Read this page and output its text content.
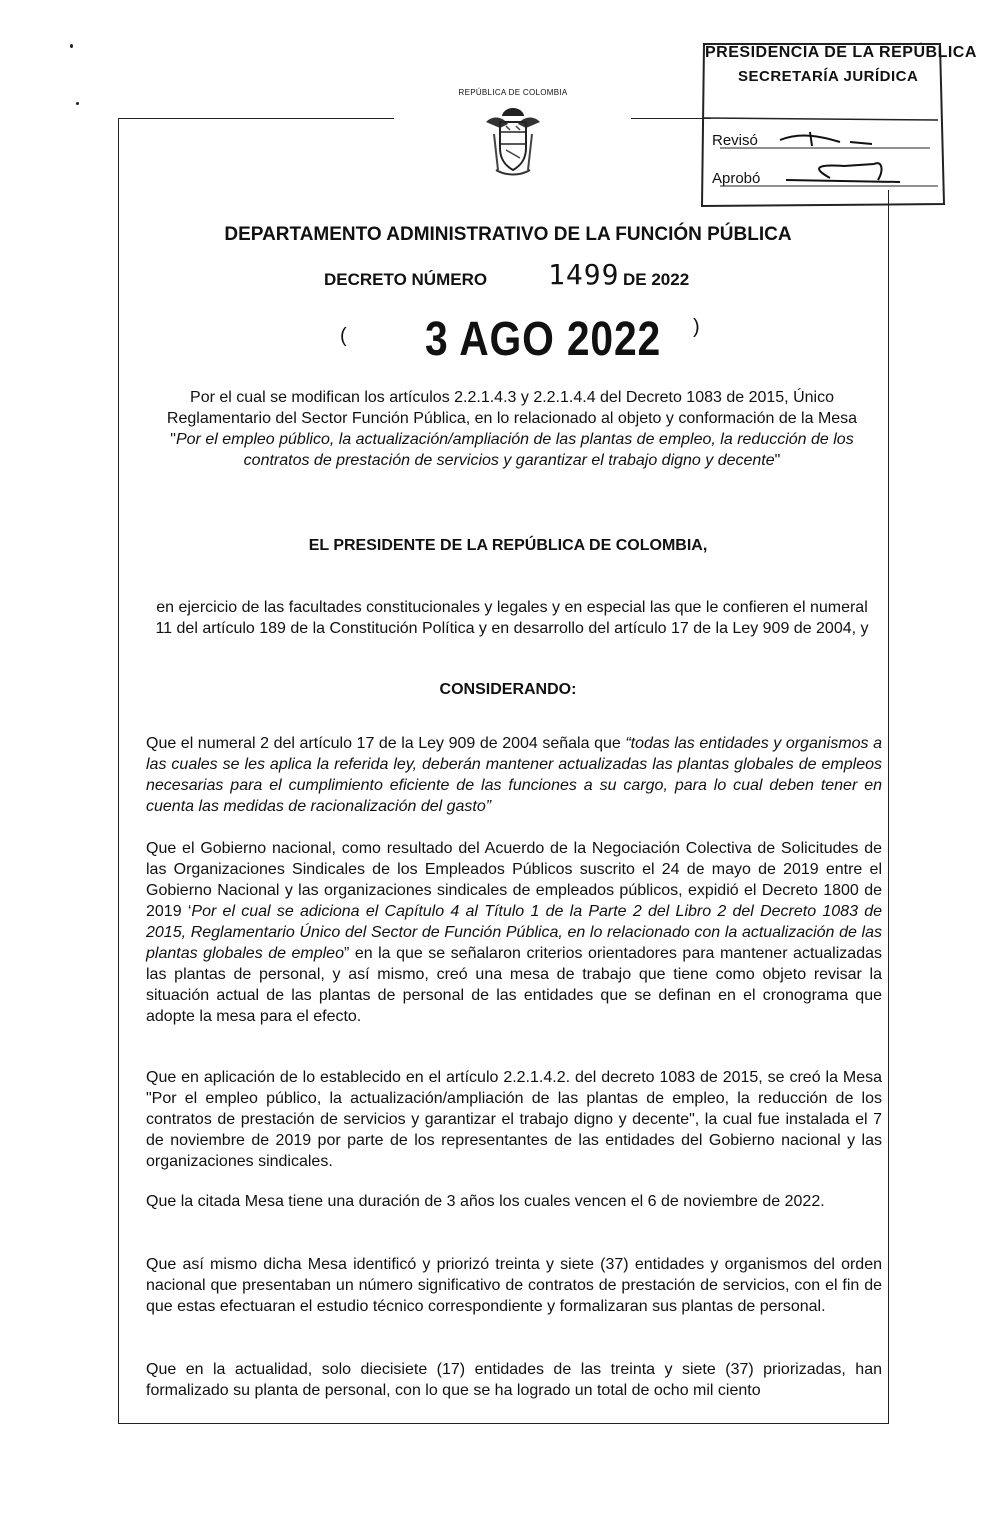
REPÚBLICA DE COLOMBIA
PRESIDENCIA DE LA REPÚBLICA
SECRETARÍA JURÍDICA
Revisó
Aprobó
DEPARTAMENTO ADMINISTRATIVO DE LA FUNCIÓN PÚBLICA
DECRETO NÚMERO 1499 DE 2022
( 3 AGO 2022 )
Por el cual se modifican los artículos 2.2.1.4.3 y 2.2.1.4.4 del Decreto 1083 de 2015, Único Reglamentario del Sector Función Pública, en lo relacionado al objeto y conformación de la Mesa "Por el empleo público, la actualización/ampliación de las plantas de empleo, la reducción de los contratos de prestación de servicios y garantizar el trabajo digno y decente"
EL PRESIDENTE DE LA REPÚBLICA DE COLOMBIA,
en ejercicio de las facultades constitucionales y legales y en especial las que le confieren el numeral 11 del artículo 189 de la Constitución Política y en desarrollo del artículo 17 de la Ley 909 de 2004, y
CONSIDERANDO:
Que el numeral 2 del artículo 17 de la Ley 909 de 2004 señala que “todas las entidades y organismos a las cuales se les aplica la referida ley, deberán mantener actualizadas las plantas globales de empleos necesarias para el cumplimiento eficiente de las funciones a su cargo, para lo cual deben tener en cuenta las medidas de racionalización del gasto”
Que el Gobierno nacional, como resultado del Acuerdo de la Negociación Colectiva de Solicitudes de las Organizaciones Sindicales de los Empleados Públicos suscrito el 24 de mayo de 2019 entre el Gobierno Nacional y las organizaciones sindicales de empleados públicos, expidió el Decreto 1800 de 2019 ‘Por el cual se adiciona el Capítulo 4 al Título 1 de la Parte 2 del Libro 2 del Decreto 1083 de 2015, Reglamentario Único del Sector de Función Pública, en lo relacionado con la actualización de las plantas globales de empleo” en la que se señalaron criterios orientadores para mantener actualizadas las plantas de personal, y así mismo, creó una mesa de trabajo que tiene como objeto revisar la situación actual de las plantas de personal de las entidades que se definan en el cronograma que adopte la mesa para el efecto.
Que en aplicación de lo establecido en el artículo 2.2.1.4.2. del decreto 1083 de 2015, se creó la Mesa "Por el empleo público, la actualización/ampliación de las plantas de empleo, la reducción de los contratos de prestación de servicios y garantizar el trabajo digno y decente", la cual fue instalada el 7 de noviembre de 2019 por parte de los representantes de las entidades del Gobierno nacional y las organizaciones sindicales.
Que la citada Mesa tiene una duración de 3 años los cuales vencen el 6 de noviembre de 2022.
Que así mismo dicha Mesa identificó y priorizó treinta y siete (37) entidades y organismos del orden nacional que presentaban un número significativo de contratos de prestación de servicios, con el fin de que estas efectuaran el estudio técnico correspondiente y formalizaran sus plantas de personal.
Que en la actualidad, solo diecisiete (17) entidades de las treinta y siete (37) priorizadas, han formalizado su planta de personal, con lo que se ha logrado un total de ocho mil ciento
